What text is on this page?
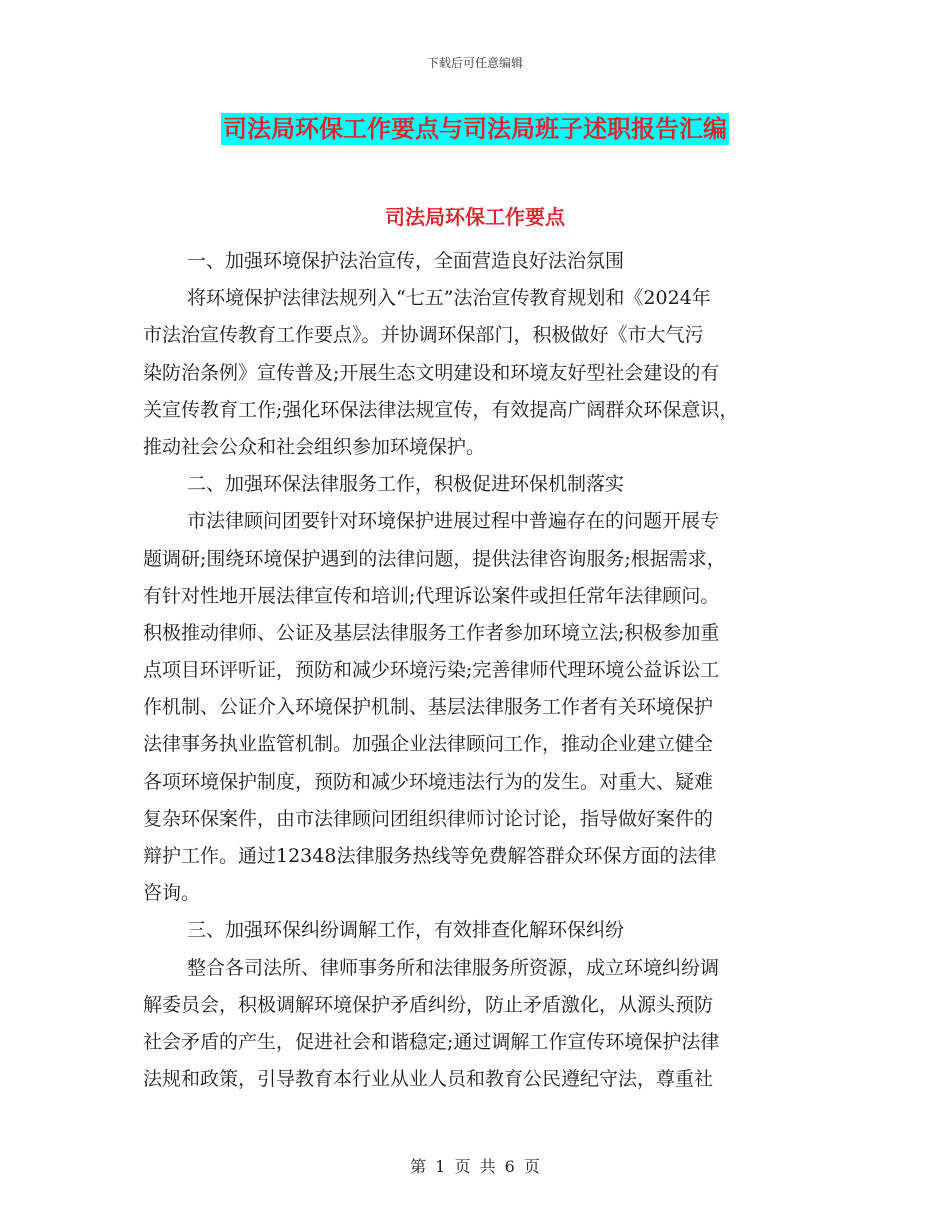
下载后可任意编辑
司法局环保工作要点与司法局班子述职报告汇编
司法局环保工作要点
一、加强环境保护法治宣传，全面营造良好法治氛围
将环境保护法律法规列入“七五”法治宣传教育规划和《2024年
市法治宣传教育工作要点》。并协调环保部门，积极做好《市大气污
染防治条例》宣传普及;开展生态文明建设和环境友好型社会建设的有
关宣传教育工作;强化环保法律法规宣传，有效提高广阔群众环保意识，
推动社会公众和社会组织参加环境保护。
二、加强环保法律服务工作，积极促进环保机制落实
市法律顾问团要针对环境保护进展过程中普遍存在的问题开展专
题调研;围绕环境保护遇到的法律问题，提供法律咨询服务;根据需求，
有针对性地开展法律宣传和培训;代理诉讼案件或担任常年法律顾问。
积极推动律师、公证及基层法律服务工作者参加环境立法;积极参加重
点项目环评听证，预防和减少环境污染;完善律师代理环境公益诉讼工
作机制、公证介入环境保护机制、基层法律服务工作者有关环境保护
法律事务执业监管机制。加强企业法律顾问工作，推动企业建立健全
各项环境保护制度，预防和减少环境违法行为的发生。对重大、疑难
复杂环保案件，由市法律顾问团组织律师讨论讨论，指导做好案件的
辩护工作。通过12348法律服务热线等免费解答群众环保方面的法律
咨询。
三、加强环保纠纷调解工作，有效排查化解环保纠纷
整合各司法所、律师事务所和法律服务所资源，成立环境纠纷调
解委员会，积极调解环境保护矛盾纠纷，防止矛盾激化，从源头预防
社会矛盾的产生，促进社会和谐稳定;通过调解工作宣传环境保护法律
法规和政策，引导教育本行业从业人员和教育公民遵纪守法，尊重社
第 1 页 共 6 页
